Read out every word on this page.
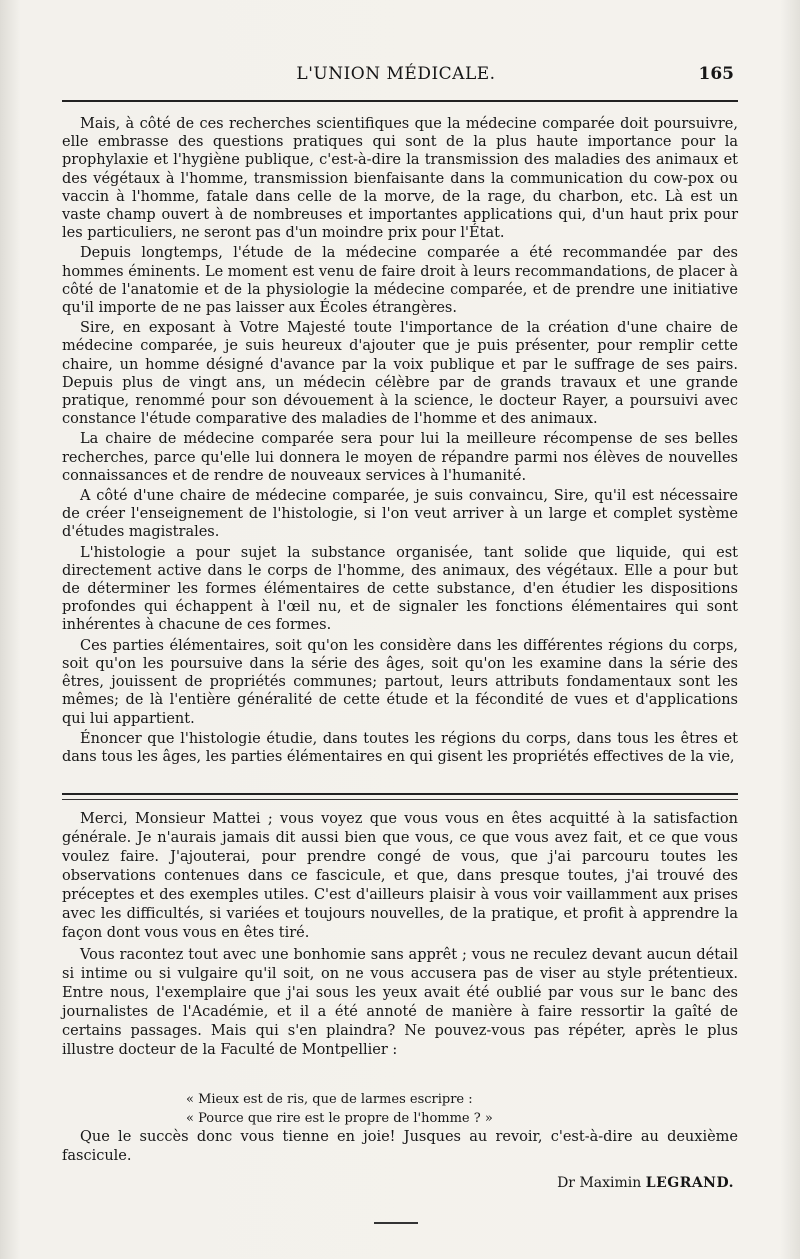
L'UNION MÉDICALE.	165

Mais, à côté de ces recherches scientifiques que la médecine comparée doit poursuivre, elle embrasse des questions pratiques qui sont de la plus haute importance pour la prophylaxie et l'hygiène publique, c'est-à-dire la transmission des maladies des animaux et des végétaux à l'homme, transmission bienfaisante dans la communication du cow-pox ou vaccin à l'homme, fatale dans celle de la morve, de la rage, du charbon, etc. Là est un vaste champ ouvert à de nombreuses et importantes applications qui, d'un haut prix pour les particuliers, ne seront pas d'un moindre prix pour l'État.

Depuis longtemps, l'étude de la médecine comparée a été recommandée par des hommes éminents. Le moment est venu de faire droit à leurs recommandations, de placer à côté de l'anatomie et de la physiologie la médecine comparée, et de prendre une initiative qu'il importe de ne pas laisser aux Écoles étrangères.

Sire, en exposant à Votre Majesté toute l'importance de la création d'une chaire de médecine comparée, je suis heureux d'ajouter que je puis présenter, pour remplir cette chaire, un homme désigné d'avance par la voix publique et par le suffrage de ses pairs. Depuis plus de vingt ans, un médecin célèbre par de grands travaux et une grande pratique, renommé pour son dévouement à la science, le docteur Rayer, a poursuivi avec constance l'étude comparative des maladies de l'homme et des animaux.

La chaire de médecine comparée sera pour lui la meilleure récompense de ses belles recherches, parce qu'elle lui donnera le moyen de répandre parmi nos élèves de nouvelles connaissances et de rendre de nouveaux services à l'humanité.

A côté d'une chaire de médecine comparée, je suis convaincu, Sire, qu'il est nécessaire de créer l'enseignement de l'histologie, si l'on veut arriver à un large et complet système d'études magistrales.

L'histologie a pour sujet la substance organisée, tant solide que liquide, qui est directement active dans le corps de l'homme, des animaux, des végétaux. Elle a pour but de déterminer les formes élémentaires de cette substance, d'en étudier les dispositions profondes qui échappent à l'œil nu, et de signaler les fonctions élémentaires qui sont inhérentes à chacune de ces formes.

Ces parties élémentaires, soit qu'on les considère dans les différentes régions du corps, soit qu'on les poursuive dans la série des âges, soit qu'on les examine dans la série des êtres, jouissent de propriétés communes; partout, leurs attributs fondamentaux sont les mêmes; de là l'entière généralité de cette étude et la fécondité de vues et d'applications qui lui appartient.

Énoncer que l'histologie étudie, dans toutes les régions du corps, dans tous les êtres et dans tous les âges, les parties élémentaires en qui gisent les propriétés effectives de la vie,

Merci, Monsieur Mattei ; vous voyez que vous vous en êtes acquitté à la satisfaction générale. Je n'aurais jamais dit aussi bien que vous, ce que vous avez fait, et ce que vous voulez faire. J'ajouterai, pour prendre congé de vous, que j'ai parcouru toutes les observations contenues dans ce fascicule, et que, dans presque toutes, j'ai trouvé des préceptes et des exemples utiles. C'est d'ailleurs plaisir à vous voir vaillamment aux prises avec les difficultés, si variées et toujours nouvelles, de la pratique, et profit à apprendre la façon dont vous vous en êtes tiré.

Vous racontez tout avec une bonhomie sans apprêt ; vous ne reculez devant aucun détail si intime ou si vulgaire qu'il soit, on ne vous accusera pas de viser au style prétentieux. Entre nous, l'exemplaire que j'ai sous les yeux avait été oublié par vous sur le banc des journalistes de l'Académie, et il a été annoté de manière à faire ressortir la gaîté de certains passages. Mais qui s'en plaindra? Ne pouvez-vous pas répéter, après le plus illustre docteur de la Faculté de Montpellier :

« Mieux est de ris, que de larmes escripre :
« Pource que rire est le propre de l'homme ? »

Que le succès donc vous tienne en joie! Jusques au revoir, c'est-à-dire au deuxième fascicule.

Dr Maximin LEGRAND.
